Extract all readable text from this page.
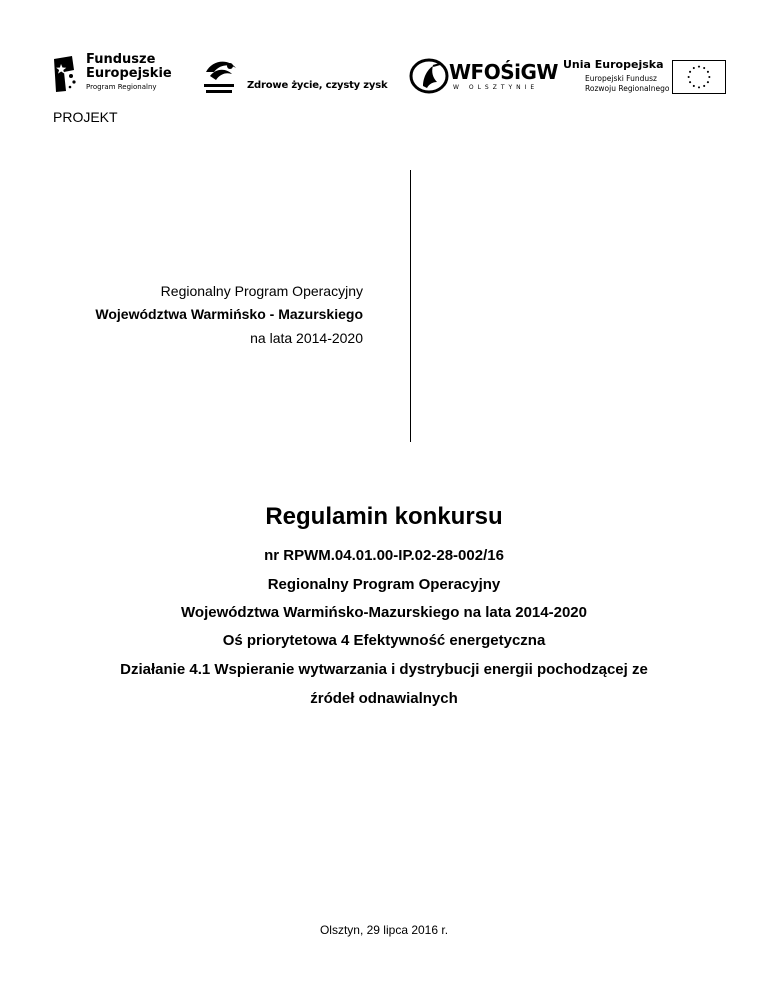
Fundusze
Europejskie
Program Regionalny	Zdrowe życie, czysty zysk
WFOŚiGW
W OLSZTYNIE
Unia Europejska
Europejski Fundusz
Rozwoju Regionalnego
PROJEKT
Regionalny Program Operacyjny
Województwa Warmińsko - Mazurskiego
na lata 2014-2020
Regulamin konkursu
nr RPWM.04.01.00-IP.02-28-002/16
Regionalny Program Operacyjny
Województwa Warmińsko-Mazurskiego na lata 2014-2020
Oś priorytetowa 4 Efektywność energetyczna
Działanie 4.1 Wspieranie wytwarzania i dystrybucji energii pochodzącej ze
źródeł odnawialnych
Olsztyn, 29 lipca 2016 r.
